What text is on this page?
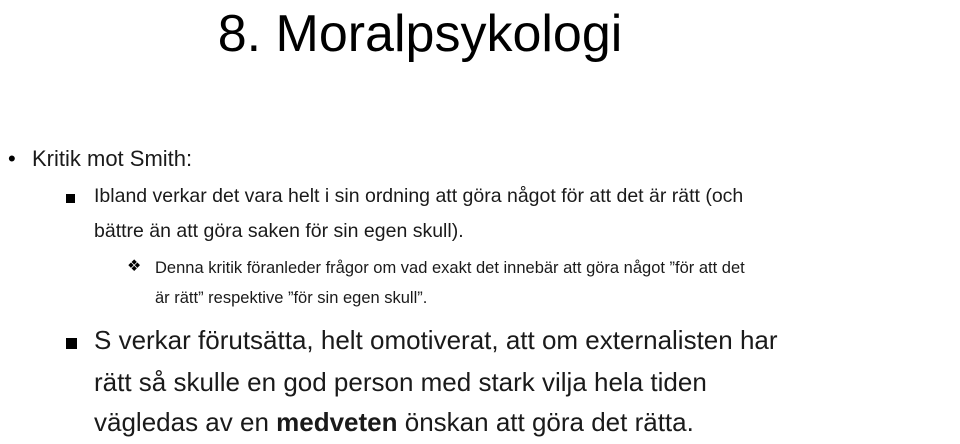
8. Moralpsykologi
• Kritik mot Smith:
Ibland verkar det vara helt i sin ordning att göra något för att det är rätt (och
bättre än att göra saken för sin egen skull).
❖ Denna kritik föranleder frågor om vad exakt det innebär att göra något ”för att det
är rätt” respektive ”för sin egen skull”.
S verkar förutsätta, helt omotiverat, att om externalisten har
rätt så skulle en god person med stark vilja hela tiden
vägledas av en medveten önskan att göra det rätta.
